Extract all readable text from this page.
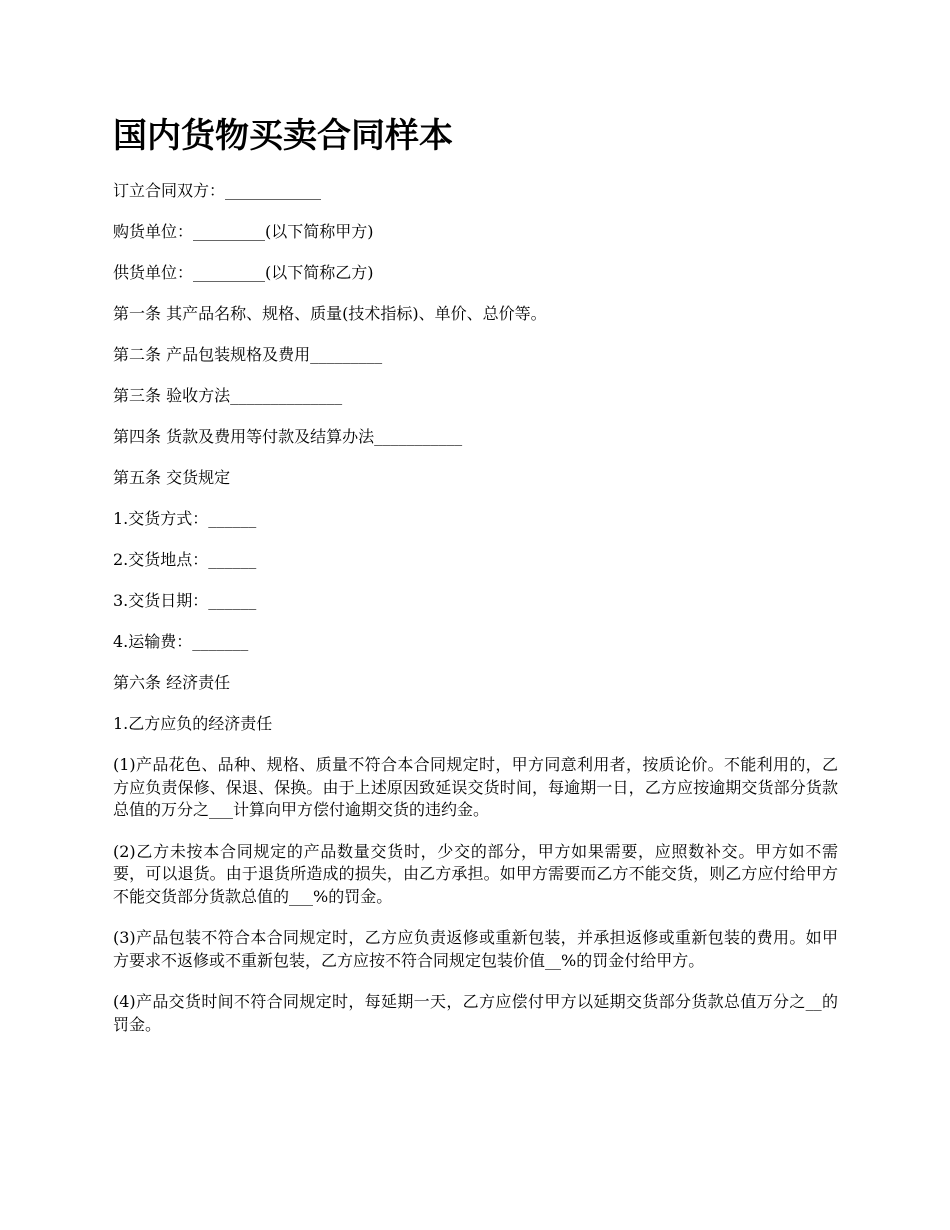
国内货物买卖合同样本

订立合同双方：____________

购货单位：_________(以下简称甲方)

供货单位：_________(以下简称乙方)

第一条 其产品名称、规格、质量(技术指标)、单价、总价等。

第二条 产品包装规格及费用_________

第三条 验收方法______________

第四条 货款及费用等付款及结算办法___________

第五条 交货规定

1.交货方式：______

2.交货地点：______

3.交货日期：______

4.运输费：_______

第六条 经济责任

1.乙方应负的经济责任

(1)产品花色、品种、规格、质量不符合本合同规定时，甲方同意利用者，按质论价。不能利用的，乙方应负责保修、保退、保换。由于上述原因致延误交货时间，每逾期一日，乙方应按逾期交货部分货款总值的万分之___计算向甲方偿付逾期交货的违约金。

(2)乙方未按本合同规定的产品数量交货时，少交的部分，甲方如果需要，应照数补交。甲方如不需要，可以退货。由于退货所造成的损失，由乙方承担。如甲方需要而乙方不能交货，则乙方应付给甲方不能交货部分货款总值的___%的罚金。

(3)产品包装不符合本合同规定时，乙方应负责返修或重新包装，并承担返修或重新包装的费用。如甲方要求不返修或不重新包装，乙方应按不符合同规定包装价值__%的罚金付给甲方。

(4)产品交货时间不符合同规定时，每延期一天，乙方应偿付甲方以延期交货部分货款总值万分之__的罚金。
